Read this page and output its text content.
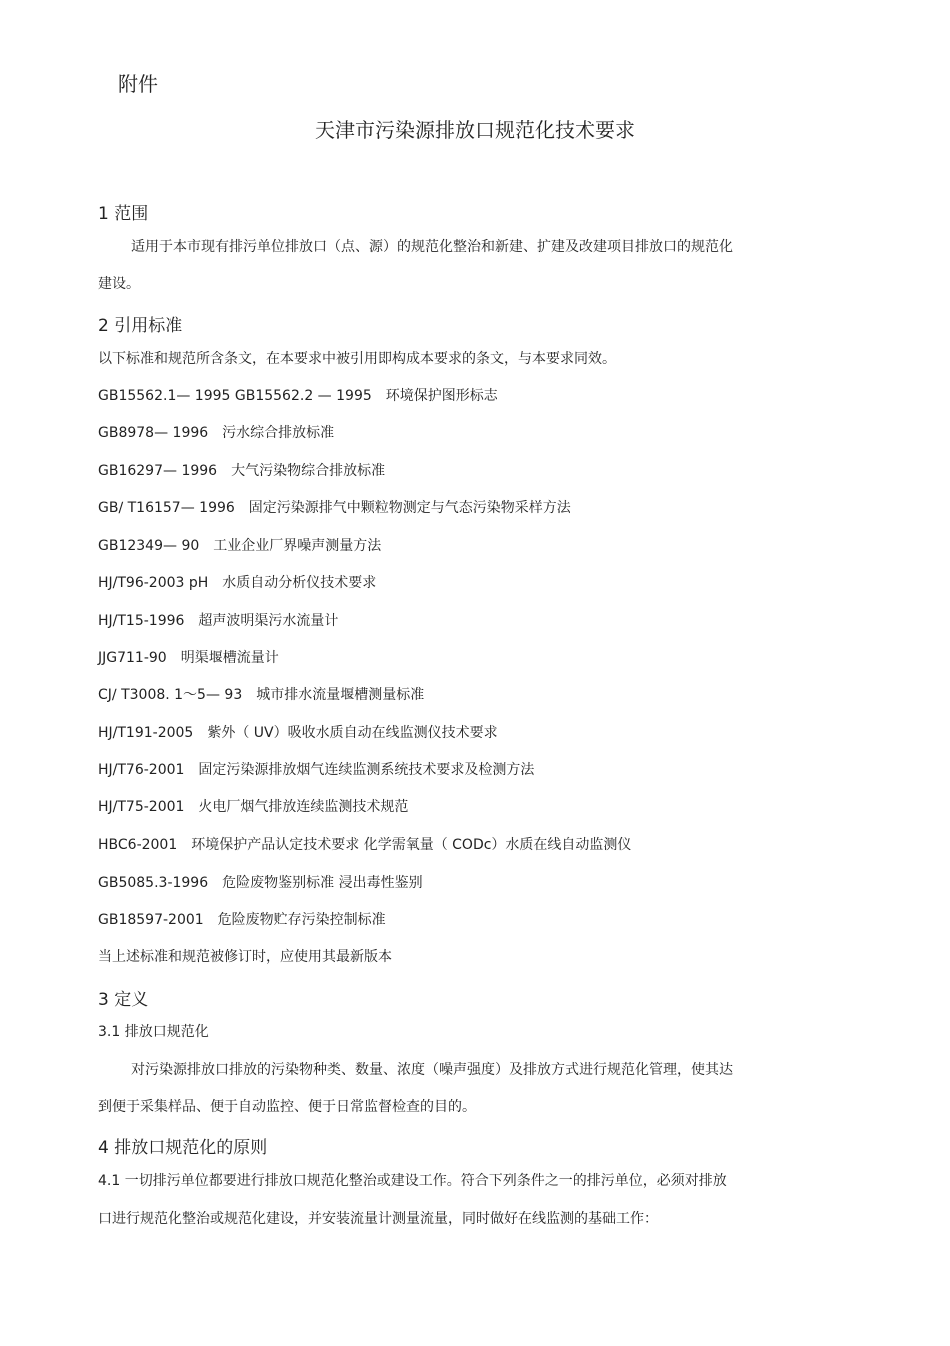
附件
天津市污染源排放口规范化技术要求
1 范围
适用于本市现有排污单位排放口（点、源）的规范化整治和新建、扩建及改建项目排放口的规范化
建设。
2 引用标准
以下标准和规范所含条文，在本要求中被引用即构成本要求的条文，与本要求同效。
GB15562.1— 1995 GB15562.2 — 1995 环境保护图形标志
GB8978— 1996 污水综合排放标准
GB16297— 1996 大气污染物综合排放标准
GB∕ T16157— 1996 固定污染源排气中颗粒物测定与气态污染物采样方法
GB12349— 90 工业企业厂界噪声测量方法
HJ/T96-2003 pH 水质自动分析仪技术要求
HJ/T15-1996 超声波明渠污水流量计
JJG711-90 明渠堰槽流量计
CJ∕ T3008. 1～5— 93 城市排水流量堰槽测量标准
HJ/T191-2005 紫外（ UV）吸收水质自动在线监测仪技术要求
HJ/T76-2001 固定污染源排放烟气连续监测系统技术要求及检测方法
HJ/T75-2001 火电厂烟气排放连续监测技术规范
HBC6-2001 环境保护产品认定技术要求 化学需氧量（ CODc）水质在线自动监测仪
GB5085.3-1996 危险废物鉴别标准 浸出毒性鉴别
GB18597-2001 危险废物贮存污染控制标准
当上述标准和规范被修订时，应使用其最新版本
3 定义
3.1 排放口规范化
对污染源排放口排放的污染物种类、数量、浓度（噪声强度）及排放方式进行规范化管理，使其达
到便于采集样品、便于自动监控、便于日常监督检查的目的。
4 排放口规范化的原则
4.1 一切排污单位都要进行排放口规范化整治或建设工作。符合下列条件之一的排污单位，必须对排放
口进行规范化整治或规范化建设，并安装流量计测量流量，同时做好在线监测的基础工作：
